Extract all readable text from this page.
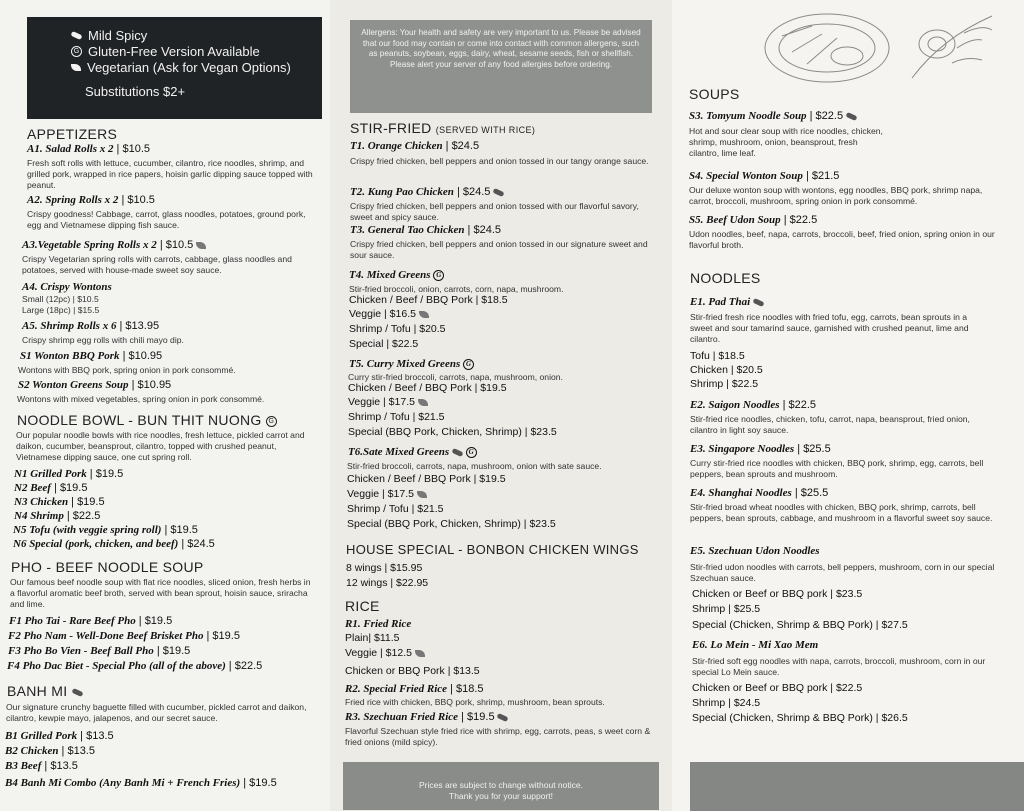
Mild Spicy
G Gluten-Free Version Available
Vegetarian (Ask for Vegan Options)
Substitutions $2+
APPETIZERS
A1. Salad Rolls x 2 | $10.5
Fresh soft rolls with lettuce, cucumber, cilantro, rice noodles, shrimp, and grilled pork, wrapped in rice papers, hoisin garlic dipping sauce topped with peanut.
A2. Spring Rolls x 2 | $10.5
Crispy goodness! Cabbage, carrot, glass noodles, potatoes, ground pork, egg and Vietnamese dipping fish sauce.
A3.Vegetable Spring Rolls x 2 | $10.5
Crispy Vegetarian spring rolls with carrots, cabbage, glass noodles and potatoes, served with house-made sweet soy sauce.
A4. Crispy Wontons
Small (12pc) | $10.5
Large (18pc) | $15.5
A5. Shrimp Rolls x 6 | $13.95
Crispy shrimp egg rolls with chili mayo dip.
S1 Wonton BBQ Pork | $10.95
Wontons with BBQ pork, spring onion in pork consommé.
S2 Wonton Greens Soup | $10.95
Wontons with mixed vegetables, spring onion in pork consommé.
NOODLE BOWL - BUN THIT NUONG G
Our popular noodle bowls with rice noodles, fresh lettuce, pickled carrot and daikon, cucumber, beansprout, cilantro, topped with crushed peanut, Vietnamese dipping sauce, one cut spring roll.
N1 Grilled Pork | $19.5
N2 Beef | $19.5
N3 Chicken | $19.5
N4 Shrimp | $22.5
N5 Tofu (with veggie spring roll) | $19.5
N6 Special (pork, chicken, and beef) | $24.5
PHO - BEEF NOODLE SOUP
Our famous beef noodle soup with flat rice noodles, sliced onion, fresh herbs in a flavorful aromatic beef broth, served with bean sprout, hoisin sauce, sriracha and lime.
F1 Pho Tai - Rare Beef Pho | $19.5
F2 Pho Nam - Well-Done Beef Brisket Pho | $19.5
F3 Pho Bo Vien - Beef Ball Pho | $19.5
F4 Pho Dac Biet - Special Pho (all of the above) | $22.5
BANH MI
Our signature crunchy baguette filled with cucumber, pickled carrot and daikon, cilantro, kewpie mayo, jalapenos, and our secret sauce.
B1 Grilled Pork | $13.5
B2 Chicken | $13.5
B3 Beef | $13.5
B4 Banh Mi Combo (Any Banh Mi + French Fries) | $19.5
Allergens: Your health and safety are very important to us. Please be advised that our food may contain or come into contact with common allergens, such as peanuts, soybean, eggs, dairy, wheat, sesame seeds, fish or shellfish. Please alert your server of any food allergies before ordering.
STIR-FRIED (SERVED WITH RICE)
T1. Orange Chicken | $24.5
Crispy fried chicken, bell peppers and onion tossed in our tangy orange sauce.
T2. Kung Pao Chicken | $24.5
Crispy fried chicken, bell peppers and onion tossed with our flavorful savory, sweet and spicy sauce.
T3. General Tao Chicken | $24.5
Crispy fried chicken, bell peppers and onion tossed in our signature sweet and sour sauce.
T4. Mixed Greens G
Stir-fried broccoli, onion, carrots, corn, napa, mushroom.
Chicken / Beef / BBQ Pork | $18.5
Veggie | $16.5
Shrimp / Tofu | $20.5
Special | $22.5
T5. Curry Mixed Greens G
Curry stir-fried broccoli, carrots, napa, mushroom, onion.
Chicken / Beef / BBQ Pork | $19.5
Veggie | $17.5
Shrimp / Tofu | $21.5
Special (BBQ Pork, Chicken, Shrimp) | $23.5
T6.Sate Mixed Greens	G
Stir-fried broccoli, carrots, napa, mushroom, onion with sate sauce.
Chicken / Beef / BBQ Pork | $19.5
Veggie | $17.5
Shrimp / Tofu | $21.5
Special (BBQ Pork, Chicken, Shrimp) | $23.5
HOUSE SPECIAL - BONBON CHICKEN WINGS
8 wings | $15.95
12 wings | $22.95
RICE
R1. Fried Rice
Plain| $11.5
Veggie | $12.5
Chicken or BBQ Pork | $13.5
R2. Special Fried Rice | $18.5
Fried rice with chicken, BBQ pork, shrimp, mushroom, bean sprouts.
R3. Szechuan Fried Rice | $19.5
Flavorful Szechuan style fried rice with shrimp, egg, carrots, peas, s weet corn & fried onions (mild spicy).
Prices are subject to change without notice.
Thank you for your support!
SOUPS
S3. Tomyum Noodle Soup | $22.5
Hot and sour clear soup with rice noodles, chicken, shrimp, mushroom, onion, beansprout, fresh cilantro, lime leaf.
S4. Special Wonton Soup | $21.5
Our deluxe wonton soup with wontons, egg noodles, BBQ pork, shrimp napa, carrot, broccoli, mushroom, spring onion in pork consommé.
S5. Beef Udon Soup | $22.5
Udon noodles, beef, napa, carrots, broccoli, beef, fried onion, spring onion in our flavorful broth.
NOODLES
E1. Pad Thai
Stir-fried fresh rice noodles with fried tofu, egg, carrots, bean sprouts in a sweet and sour tamarind sauce, garnished with crushed peanut, lime and cilantro.
Tofu | $18.5
Chicken | $20.5
Shrimp | $22.5
E2. Saigon Noodles | $22.5
Stir-fried rice noodles, chicken, tofu, carrot, napa, beansprout, fried onion, cilantro in light soy sauce.
E3. Singapore Noodles | $25.5
Curry stir-fried rice noodles with chicken, BBQ pork, shrimp, egg, carrots, bell peppers, bean sprouts and mushroom.
E4. Shanghai Noodles | $25.5
Stir-fried broad wheat noodles with chicken, BBQ pork, shrimp, carrots, bell peppers, bean sprouts, cabbage, and mushroom in a flavorful sweet soy sauce.
E5. Szechuan Udon Noodles
Stir-fried udon noodles with carrots, bell peppers, mushroom, corn in our special Szechuan sauce.
Chicken or Beef or BBQ pork | $23.5
Shrimp | $25.5
Special (Chicken, Shrimp & BBQ Pork) | $27.5
E6. Lo Mein - Mi Xao Mem
Stir-fried soft egg noodles with napa, carrots, broccoli, mushroom, corn in our special Lo Mein sauce.
Chicken or Beef or BBQ pork | $22.5
Shrimp | $24.5
Special (Chicken, Shrimp & BBQ Pork) | $26.5
